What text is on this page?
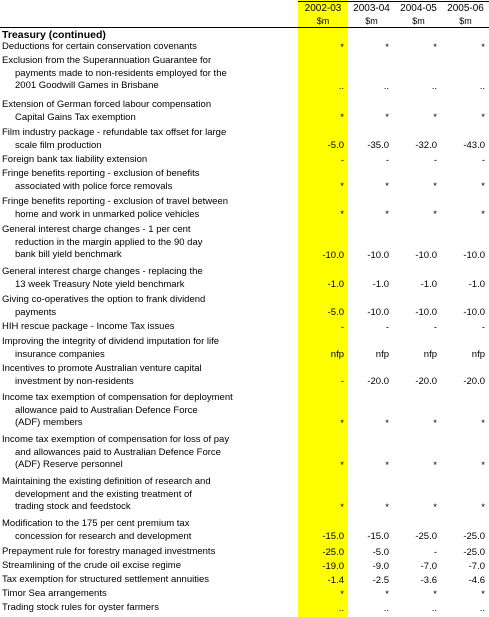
2002-03	2003-04	2004-05	2005-06
$m	$m	$m	$m
Treasury (continued)
Deductions for certain conservation covenants	*	*	*	*
Exclusion from the Superannuation Guarantee for
payments made to non-residents employed for the
2001 Goodwill Games in Brisbane	..	..	..	..
Extension of German forced labour compensation
Capital Gains Tax exemption	*	*	*	*
Film industry package - refundable tax offset for large
scale film production	-5.0 -35.0	-32.0	-43.0
Foreign bank tax liability extension	-	-	-	-
Fringe benefits reporting - exclusion of benefits
associated with police force removals	*	*	*	*
Fringe benefits reporting - exclusion of travel between
home and work in unmarked police vehicles	*	*	*	*
General interest charge changes - 1 per cent
reduction in the margin applied to the 90 day
bank bill yield benchmark	-10.0 -10.0	-10.0	-10.0
General interest charge changes - replacing the
13 week Treasury Note yield benchmark	-1.0	-1.0	-1.0	-1.0
Giving co-operatives the option to frank dividend
payments	-5.0 -10.0	-10.0	-10.0
HIH rescue package - Income Tax issues	-	-	-	-
Improving the integrity of dividend imputation for life
insurance companies	nfp	nfp	nfp	nfp
Incentives to promote Australian venture capital
investment by non-residents	- -20.0	-20.0	-20.0
Income tax exemption of compensation for deployment
allowance paid to Australian Defence Force
(ADF) members	*	*	*	*
Income tax exemption of compensation for loss of pay
and allowances paid to Australian Defence Force
(ADF) Reserve personnel	*	*	*	*
Maintaining the existing definition of research and
development and the existing treatment of
trading stock and feedstock	*	*	*	*
Modification to the 175 per cent premium tax
concession for research and development	-15.0 -15.0	-25.0	-25.0
Prepayment rule for forestry managed investments	-25.0	-5.0	-	-25.0
Streamlining of the crude oil excise regime	-19.0	-9.0	-7.0	-7.0
Tax exemption for structured settlement annuities	-1.4	-2.5	-3.6	-4.6
Timor Sea arrangements	*	*	*	*
Trading stock rules for oyster farmers	..	..	..	..
